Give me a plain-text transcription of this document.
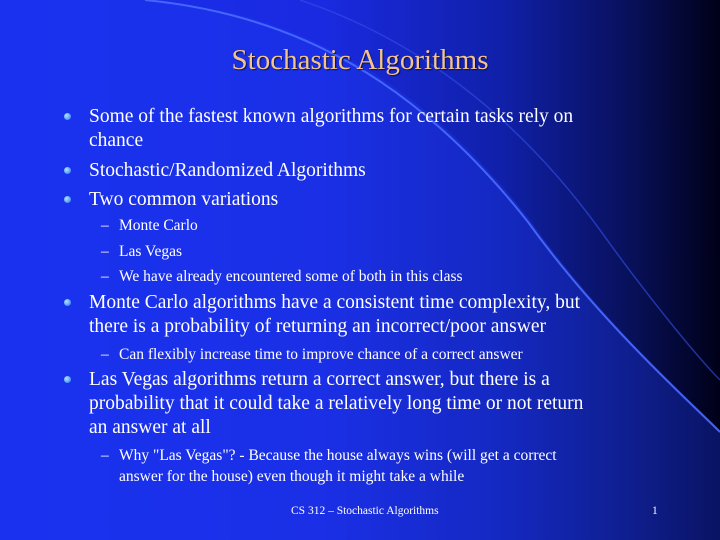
Stochastic Algorithms
Some of the fastest known algorithms for certain tasks rely on
chance
Stochastic/Randomized Algorithms
Two common variations
– Monte Carlo
– Las Vegas
– We have already encountered some of both in this class
Monte Carlo algorithms have a consistent time complexity, but
there is a probability of returning an incorrect/poor answer
– Can flexibly increase time to improve chance of a correct answer
Las Vegas algorithms return a correct answer, but there is a
probability that it could take a relatively long time or not return
an answer at all
– Why "Las Vegas"? - Because the house always wins (will get a correct
answer for the house) even though it might take a while
CS 312 – Stochastic Algorithms	1
